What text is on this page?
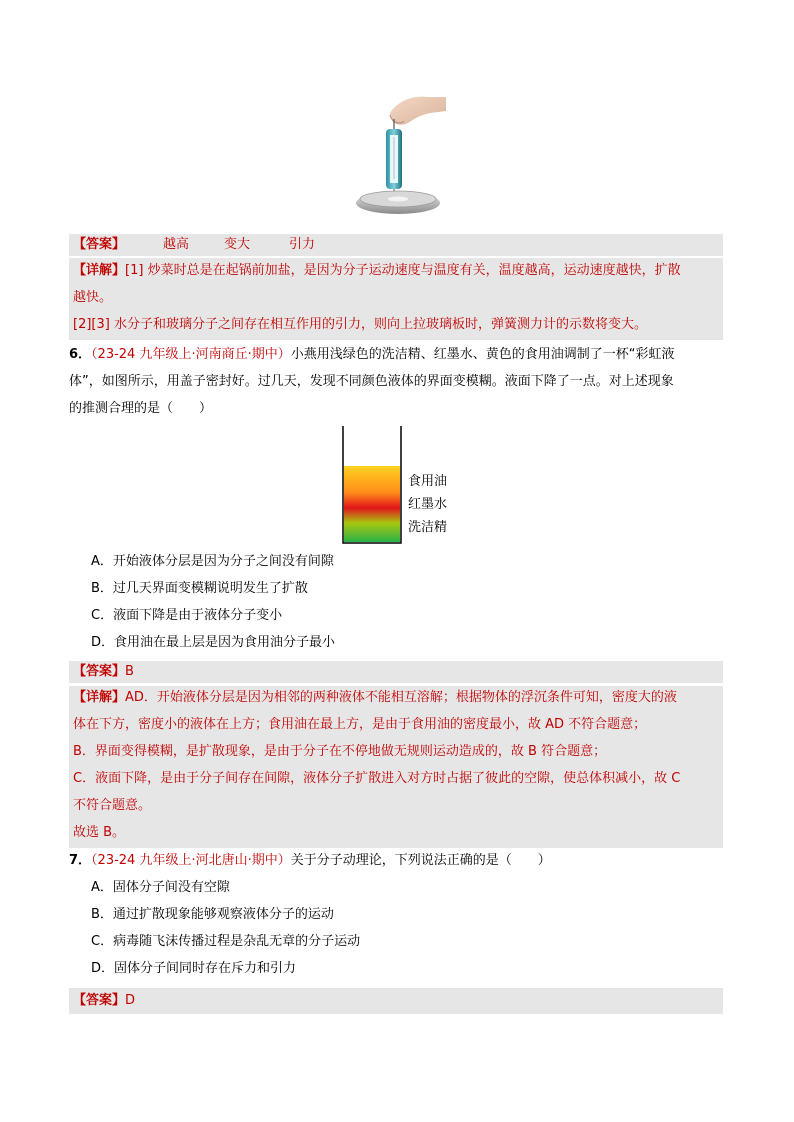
【答案】	越高	变大	引力
【详解】[1] 炒菜时总是在起锅前加盐，是因为分子运动速度与温度有关，温度越高，运动速度越快，扩散
越快。
[2][3] 水分子和玻璃分子之间存在相互作用的引力，则向上拉玻璃板时，弹簧测力计的示数将变大。
6．（23-24 九年级上·河南商丘·期中）小燕用浅绿色的洗洁精、红墨水、黄色的食用油调制了一杯“彩虹液
体”，如图所示，用盖子密封好。过几天，发现不同颜色液体的界面变模糊。液面下降了一点。对上述现象
的推测合理的是（　　）
食用油
红墨水
洗洁精
A．开始液体分层是因为分子之间没有间隙
B．过几天界面变模糊说明发生了扩散
C．液面下降是由于液体分子变小
D．食用油在最上层是因为食用油分子最小
【答案】B
【详解】AD．开始液体分层是因为相邻的两种液体不能相互溶解；根据物体的浮沉条件可知，密度大的液
体在下方，密度小的液体在上方；食用油在最上方，是由于食用油的密度最小，故 AD 不符合题意；
B．界面变得模糊，是扩散现象，是由于分子在不停地做无规则运动造成的，故 B 符合题意；
C．液面下降，是由于分子间存在间隙，液体分子扩散进入对方时占据了彼此的空隙，使总体积减小，故 C
不符合题意。
故选 B。
7．（23-24 九年级上·河北唐山·期中）关于分子动理论，下列说法正确的是（　　）
A．固体分子间没有空隙
B．通过扩散现象能够观察液体分子的运动
C．病毒随飞沫传播过程是杂乱无章的分子运动
D．固体分子间同时存在斥力和引力
【答案】D
